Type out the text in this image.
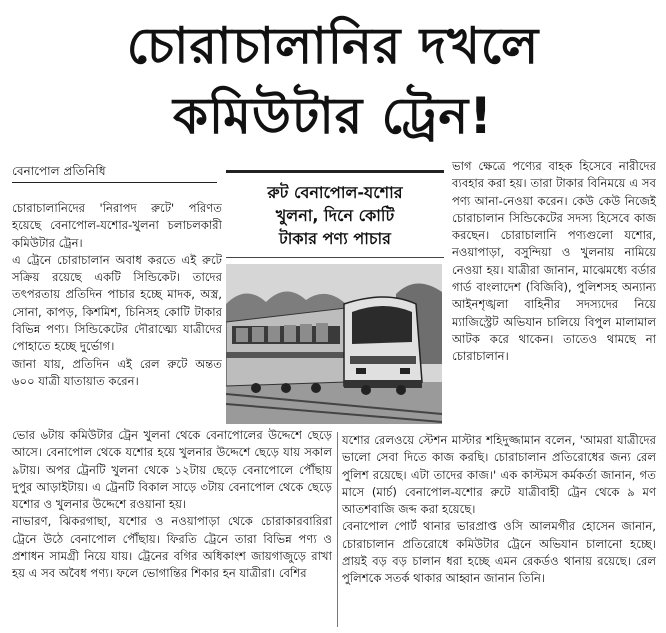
চোরাচালানির দখলে
কমিউটার ট্রেন!
বেনাপোল প্রতিনিধি

চোরাচালানিদের 'নিরাপদ রুটে' পরিণত হয়েছে বেনাপোল-যশোর-খুলনা চলাচলকারী কমিউটার ট্রেন।

এ ট্রেনে চোরাচালান অবাধ করতে এই রুটে সক্রিয় রয়েছে একটি সিন্ডিকেট। তাদের তৎপরতায় প্রতিদিন পাচার হচ্ছে মাদক, অস্ত্র, সোনা, কাপড়, কিশমিশ, চিনিসহ কোটি টাকার বিভিন্ন পণ্য। সিন্ডিকেটের দৌরাত্ম্যে যাত্রীদের পোহাতে হচ্ছে দুর্ভোগ।

জানা যায়, প্রতিদিন এই রেল রুটে অন্তত ৬০০ যাত্রী যাতায়াত করেন।

রুট বেনাপোল-যশোর
খুলনা, দিনে কোটি
টাকার পণ্য পাচার

ভাগ ক্ষেত্রে পণ্যের বাহক হিসেবে নারীদের ব্যবহার করা হয়। তারা টাকার বিনিময়ে এ সব পণ্য আনা-নেওয়া করেন। কেউ কেউ নিজেই চোরাচালান সিন্ডিকেটের সদস্য হিসেবে কাজ করছেন। চোরাচালানি পণ্যগুলো যশোর, নওয়াপাড়া, বসুন্দিয়া ও খুলনায় নামিয়ে নেওয়া হয়। যাত্রীরা জানান, মাঝেমধ্যে বর্ডার গার্ড বাংলাদেশ (বিজিবি), পুলিশসহ অন্যান্য আইনশৃঙ্খলা বাহিনীর সদস্যদের নিয়ে ম্যাজিস্ট্রেট অভিযান চালিয়ে বিপুল মালামাল আটক করে থাকেন। তাতেও থামছে না চোরাচালান।

ভোর ৬টায় কমিউটার ট্রেন খুলনা থেকে বেনাপোলের উদ্দেশে ছেড়ে আসে। বেনাপোল থেকে যশোর হয়ে খুলনার উদ্দেশে ছেড়ে যায় সকাল ৯টায়। অপর ট্রেনটি খুলনা থেকে ১২টায় ছেড়ে বেনাপোলে পৌঁছায় দুপুর আড়াইটায়। এ ট্রেনটি বিকাল সাড়ে ৩টায় বেনাপোল থেকে ছেড়ে যশোর ও খুলনার উদ্দেশে রওয়ানা হয়।

নাভারণ, ঝিকরগাছা, যশোর ও নওয়াপাড়া থেকে চোরাকারবারিরা ট্রেনে উঠে বেনাপোল পৌঁছায়। ফিরতি ট্রেনে তারা বিভিন্ন পণ্য ও প্রশাধন সামগ্রী নিয়ে যায়। ট্রেনের বগির অধিকাংশ জায়গাজুড়ে রাখা হয় এ সব অবৈধ পণ্য। ফলে ভোগান্তির শিকার হন যাত্রীরা। বেশির

যশোর রেলওয়ে স্টেশন মাস্টার শহিদুজ্জামান বলেন, 'আমরা যাত্রীদের ভালো সেবা দিতে কাজ করছি। চোরাচালান প্রতিরোধের জন্য রেল পুলিশ রয়েছে। এটা তাদের কাজ।' এক কাস্টমস কর্মকর্তা জানান, গত মাসে (মার্চ) বেনাপোল-যশোর রুটে যাত্রীবাহী ট্রেন থেকে ৯ মণ আতশবাজি জব্দ করা হয়েছে।

বেনাপোল পোর্ট থানার ভারপ্রাপ্ত ওসি আলমগীর হোসেন জানান, চোরাচালান প্রতিরোধে কমিউটার ট্রেনে অভিযান চালানো হচ্ছে। প্রায়ই বড় বড় চালান ধরা হচ্ছে এমন রেকর্ডও থানায় রয়েছে। রেল পুলিশকে সতর্ক থাকার আহ্বান জানান তিনি।
